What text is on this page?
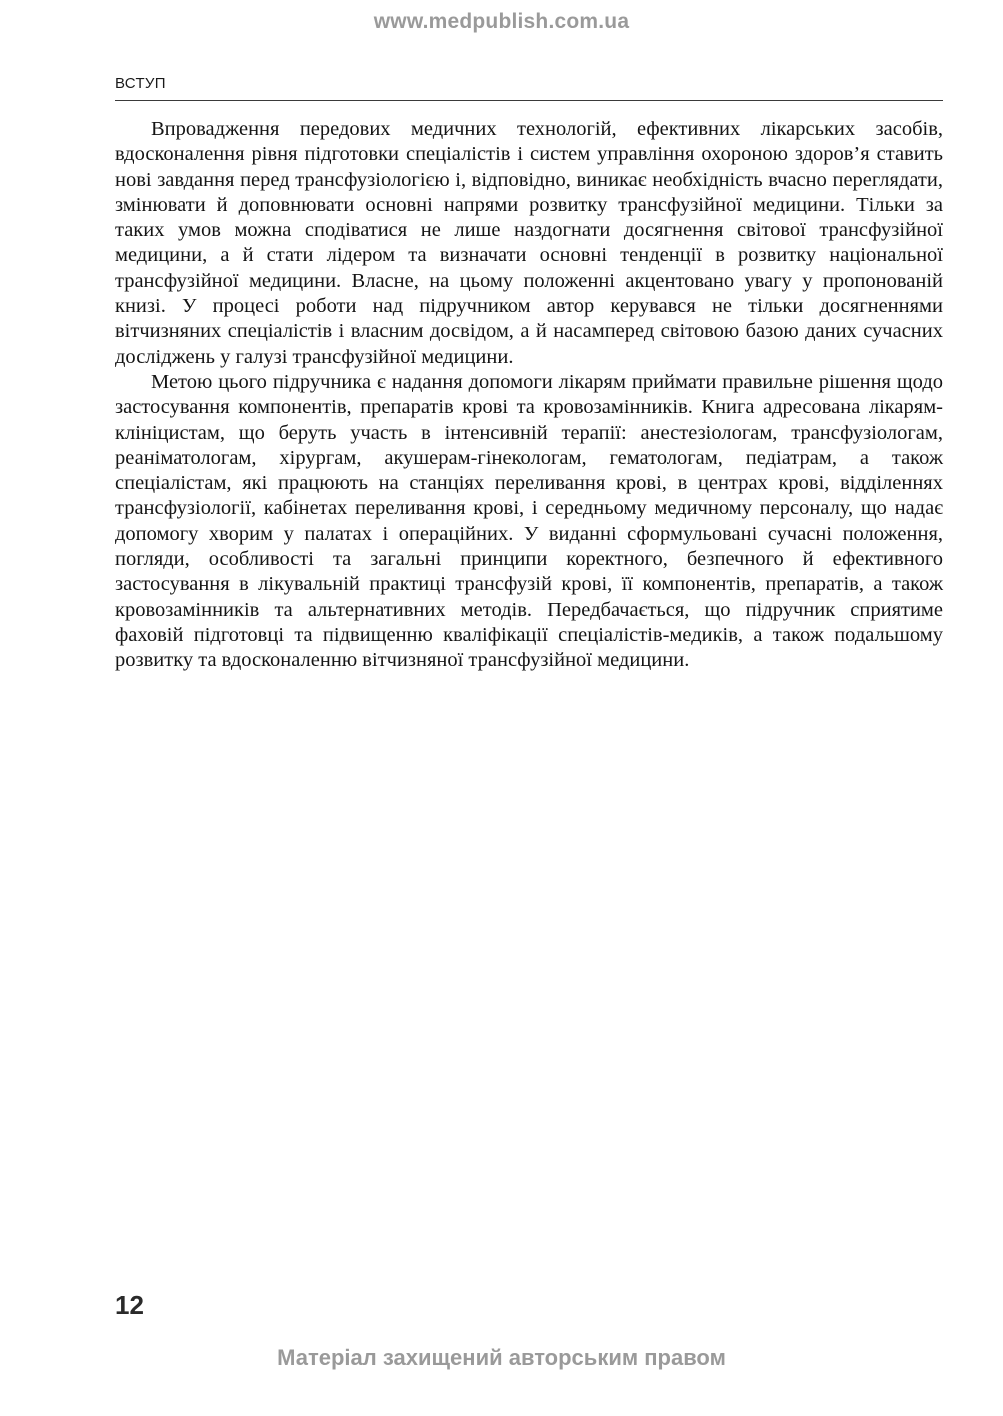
www.medpublish.com.ua
ВСТУП

Впровадження передових медичних технологій, ефективних лікарських засобів, вдосконалення рівня підготовки спеціалістів і систем управління охороною здоров’я ставить нові завдання перед трансфузіологією і, відповідно, виникає необхідність вчасно переглядати, змінювати й доповнювати основні напрями розвитку трансфузійної медицини. Тільки за таких умов можна сподіватися не лише наздогнати досягнення світової трансфузійної медицини, а й стати лідером та визначати основні тенденції в розвитку національної трансфузійної медицини. Власне, на цьому положенні акцентовано увагу у пропонованій книзі. У процесі роботи над підручником автор керувався не тільки досягненнями вітчизняних спеціалістів і власним досвідом, а й насамперед світовою базою даних сучасних досліджень у галузі трансфузійної медицини.

Метою цього підручника є надання допомоги лікарям приймати правильне рішення щодо застосування компонентів, препаратів крові та кровозамінників. Книга адресована лікарям-клініцистам, що беруть участь в інтенсивній терапії: анестезіологам, трансфузіологам, реаніматологам, хірургам, акушерам-гінекологам, гематологам, педіатрам, а також спеціалістам, які працюють на станціях переливання крові, в центрах крові, відділеннях трансфузіології, кабінетах переливання крові, і середньому медичному персоналу, що надає допомогу хворим у палатах і операційних. У виданні сформульовані сучасні положення, погляди, особливості та загальні принципи коректного, безпечного й ефективного застосування в лікувальній практиці трансфузій крові, її компонентів, препаратів, а також кровозамінників та альтернативних методів. Передбачається, що підручник сприятиме фаховій підготовці та підвищенню кваліфікації спеціалістів-медиків, а також подальшому розвитку та вдосконаленню вітчизняної трансфузійної медицини.

12
Матеріал захищений авторським правом
